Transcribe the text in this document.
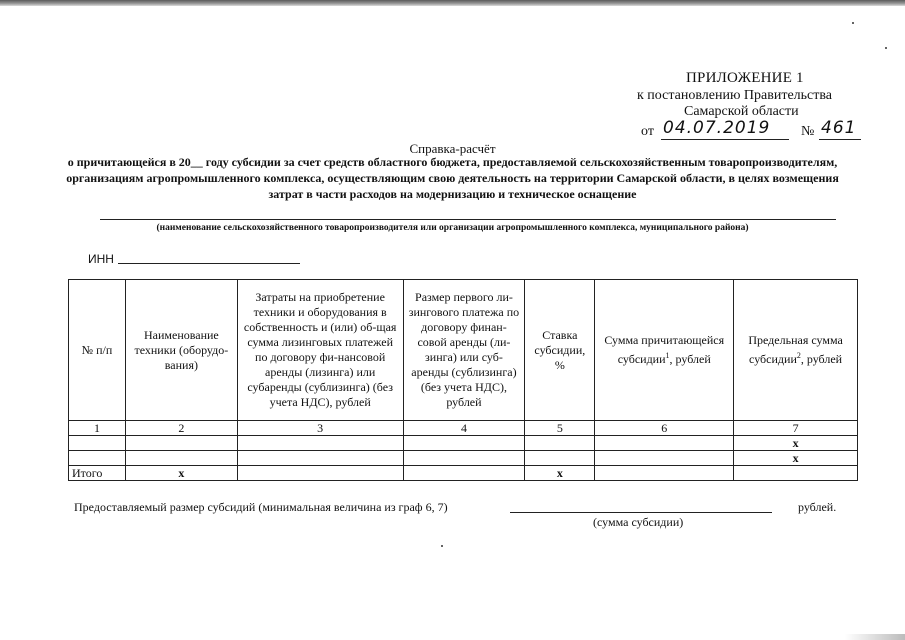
ПРИЛОЖЕНИЕ 1
к постановлению Правительства
Самарской области
от 04.07.2019 № 461
Справка-расчёт
о причитающейся в 20__ году субсидии за счет средств областного бюджета, предоставляемой сельскохозяйственным товаропроизводителям,
организациям агропромышленного комплекса, осуществляющим свою деятельность на территории Самарской области, в целях возмещения
затрат в части расходов на модернизацию и техническое оснащение
(наименование сельскохозяйственного товаропроизводителя или организации агропромышленного комплекса, муниципального района)
ИНН
№ п/п	Наименование техники (оборудо-вания)	Затраты на приобретение техники и оборудования в собственность и (или) об-щая сумма лизинговых платежей по договору фи-нансовой аренды (лизинга) или субаренды (сублизинга) (без учета НДС), рублей	Размер первого ли-зингового платежа по договору финан-совой аренды (ли-зинга) или суб-аренды (сублизинга) (без учета НДС), рублей	Ставка субсидии, %	Сумма причитающейся субсидии$^1$, рублей	Предельная сумма субсидии$^2$, рублей
1	2	3	4	5	6	7
						х
						х
Итого	х			х		
Предоставляемый размер субсидий (минимальная величина из граф 6, 7)	рублей.
(сумма субсидии)
